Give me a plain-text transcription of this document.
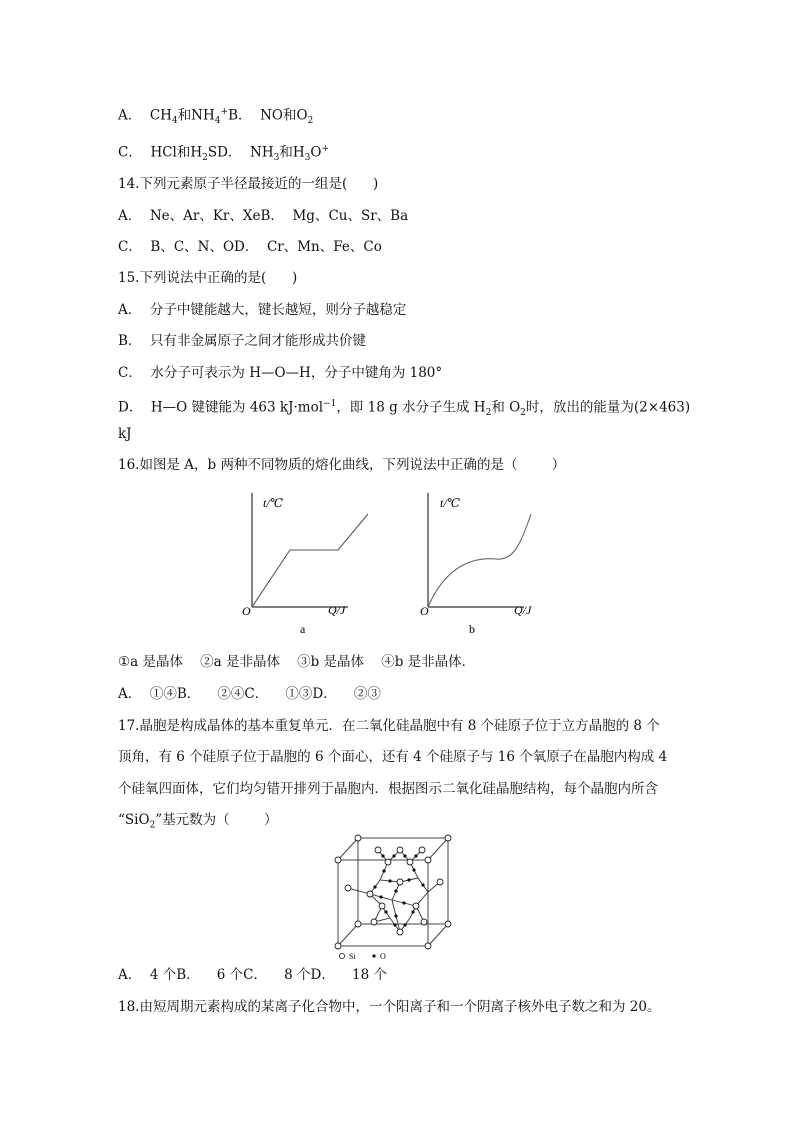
A． $CH_4$和$NH_4^+B$．  NO和$O_2$
C． HCl和$H_2SD$．  $NH_3$和$H_3O^+$
14.下列元素原子半径最接近的一组是(      )
A．  Ne、Ar、Kr、XeB．  Mg、Cu、Sr、Ba
C．  B、C、N、OD．  Cr、Mn、Fe、Co
15.下列说法中正确的是(      )
A．  分子中键能越大，键长越短，则分子越稳定
B．  只有非金属原子之间才能形成共价键
C．  水分子可表示为 H—O—H，分子中键角为 180°
D．  H—O 键键能为 463 kJ·mol$^{-1}$，即 18 g 水分子生成 $H_2$和 $O_2$时，放出的能量为(2×463)
kJ
16.如图是 A，b 两种不同物质的熔化曲线，下列说法中正确的是（        ）
t/℃
Q/J
O
a
t/℃
Q/J
O
b
①a 是晶体    ②a 是非晶体    ③b 是晶体    ④b 是非晶体．
A．  ①④B．    ②④C．    ①③D．    ②③
17.晶胞是构成晶体的基本重复单元．在二氧化硅晶胞中有 8 个硅原子位于立方晶胞的 8 个
顶角，有 6 个硅原子位于晶胞的 6 个面心，还有 4 个硅原子与 16 个氧原子在晶胞内构成 4
个硅氧四面体，它们均匀错开排列于晶胞内．根据图示二氧化硅晶胞结构，每个晶胞内所含
“SiO$_2$”基元数为（        ）
Si	O
A．  4 个B．    6 个C．    8 个D．    18 个
18.由短周期元素构成的某离子化合物中，一个阳离子和一个阴离子核外电子数之和为 20。
